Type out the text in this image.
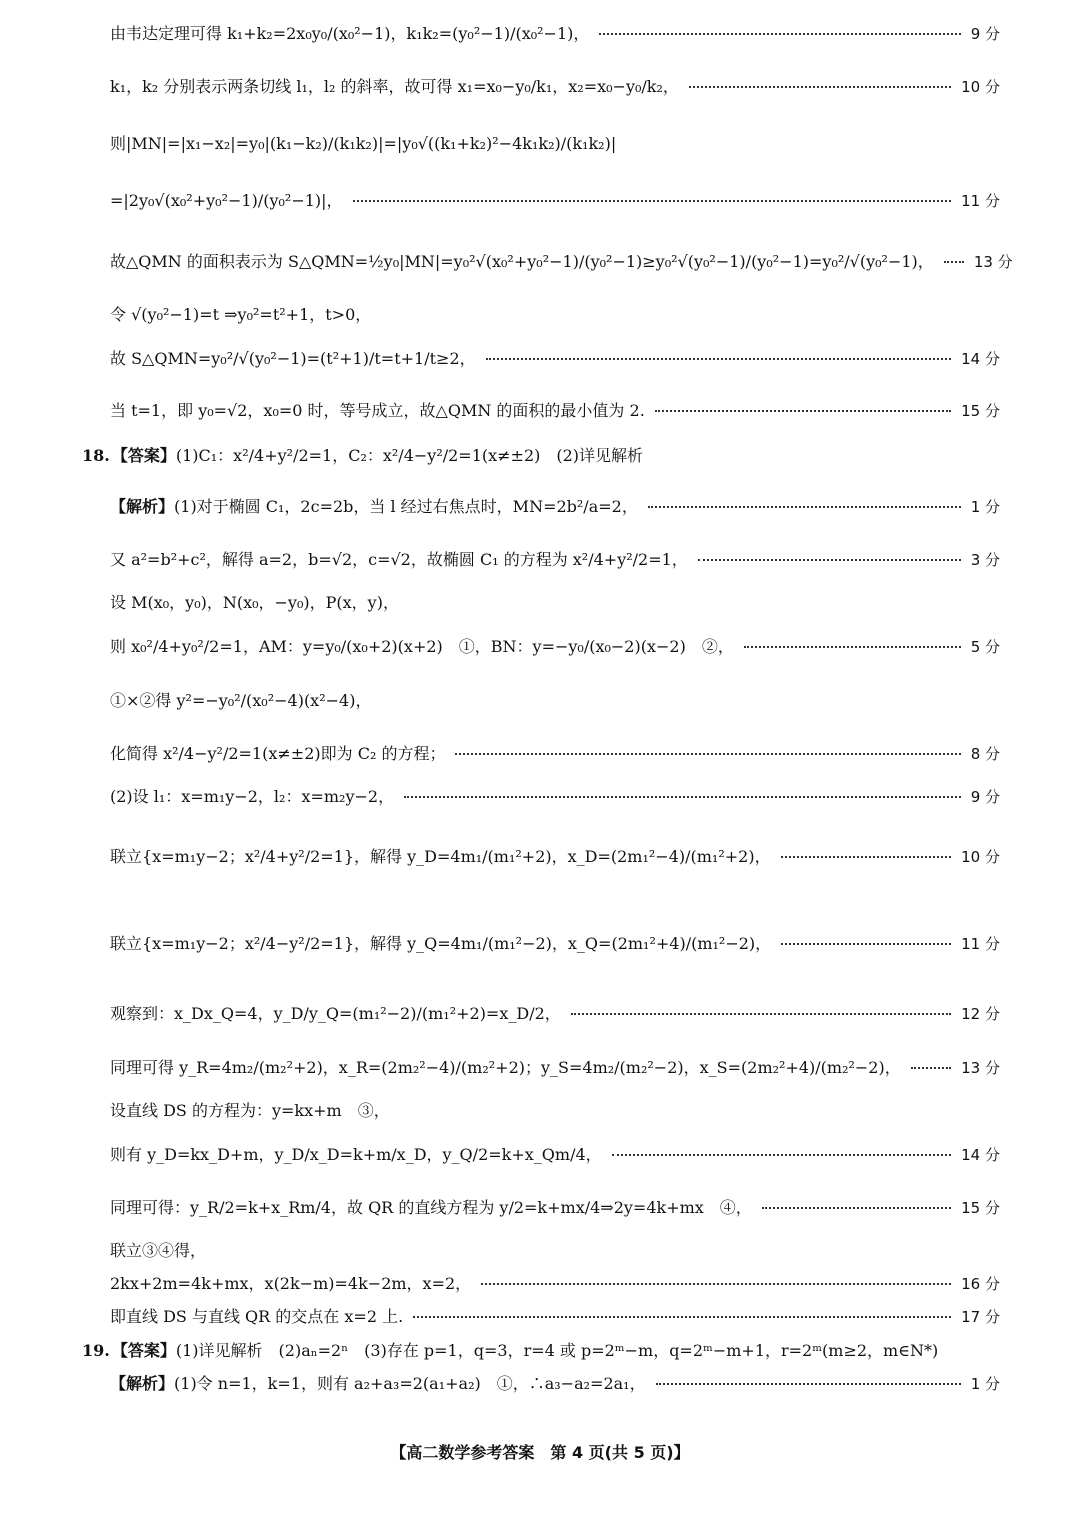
由韦达定理可得 k₁+k₂=2x₀y₀/(x₀²−1)，k₁k₂=(y₀²−1)/(x₀²−1)，	9 分
k₁，k₂ 分别表示两条切线 l₁，l₂ 的斜率，故可得 x₁=x₀−y₀/k₁，x₂=x₀−y₀/k₂，	10 分
则|MN|=|x₁−x₂|=y₀|(k₁−k₂)/(k₁k₂)|=|y₀√((k₁+k₂)²−4k₁k₂)/(k₁k₂)|
=|2y₀√(x₀²+y₀²−1)/(y₀²−1)|，	11 分
故△QMN 的面积表示为 S△QMN=½y₀|MN|=y₀²√(x₀²+y₀²−1)/(y₀²−1)≥y₀²√(y₀²−1)/(y₀²−1)=y₀²/√(y₀²−1)，	13 分
令 √(y₀²−1)=t ⇒y₀²=t²+1，t>0，
故 S△QMN=y₀²/√(y₀²−1)=(t²+1)/t=t+1/t≥2，	14 分
当 t=1，即 y₀=√2，x₀=0 时，等号成立，故△QMN 的面积的最小值为 2.	15 分
18. 【答案】 (1)C₁：x²/4+y²/2=1，C₂：x²/4−y²/2=1(x≠±2)　(2)详见解析
【解析】 (1)对于椭圆 C₁，2c=2b，当 l 经过右焦点时，MN=2b²/a=2，	1 分
又 a²=b²+c²，解得 a=2，b=√2，c=√2，故椭圆 C₁ 的方程为 x²/4+y²/2=1，	3 分
设 M(x₀，y₀)，N(x₀，−y₀)，P(x，y)，
则 x₀²/4+y₀²/2=1，AM：y=y₀/(x₀+2)(x+2)　①，BN：y=−y₀/(x₀−2)(x−2)　②，	5 分
①×②得 y²=−y₀²/(x₀²−4)(x²−4)，
化简得 x²/4−y²/2=1(x≠±2)即为 C₂ 的方程；	8 分
(2)设 l₁：x=m₁y−2，l₂：x=m₂y−2，	9 分
联立{x=m₁y−2；x²/4+y²/2=1}，解得 y_D=4m₁/(m₁²+2)，x_D=(2m₁²−4)/(m₁²+2)，	10 分
联立{x=m₁y−2；x²/4−y²/2=1}，解得 y_Q=4m₁/(m₁²−2)，x_Q=(2m₁²+4)/(m₁²−2)，	11 分
观察到：x_Dx_Q=4，y_D/y_Q=(m₁²−2)/(m₁²+2)=x_D/2，	12 分
同理可得 y_R=4m₂/(m₂²+2)，x_R=(2m₂²−4)/(m₂²+2)；y_S=4m₂/(m₂²−2)，x_S=(2m₂²+4)/(m₂²−2)，	13 分
设直线 DS 的方程为：y=kx+m　③，
则有 y_D=kx_D+m，y_D/x_D=k+m/x_D，y_Q/2=k+x_Qm/4，	14 分
同理可得：y_R/2=k+x_Rm/4，故 QR 的直线方程为 y/2=k+mx/4⇒2y=4k+mx　④，	15 分
联立③④得，
2kx+2m=4k+mx，x(2k−m)=4k−2m，x=2，	16 分
即直线 DS 与直线 QR 的交点在 x=2 上.	17 分
19. 【答案】 (1)详见解析　(2)aₙ=2ⁿ　(3)存在 p=1，q=3，r=4 或 p=2ᵐ−m，q=2ᵐ−m+1，r=2ᵐ(m≥2，m∈N*)
【解析】 (1)令 n=1，k=1，则有 a₂+a₃=2(a₁+a₂)　①，∴a₃−a₂=2a₁，	1 分
【高二数学参考答案　第 4 页(共 5 页)】
